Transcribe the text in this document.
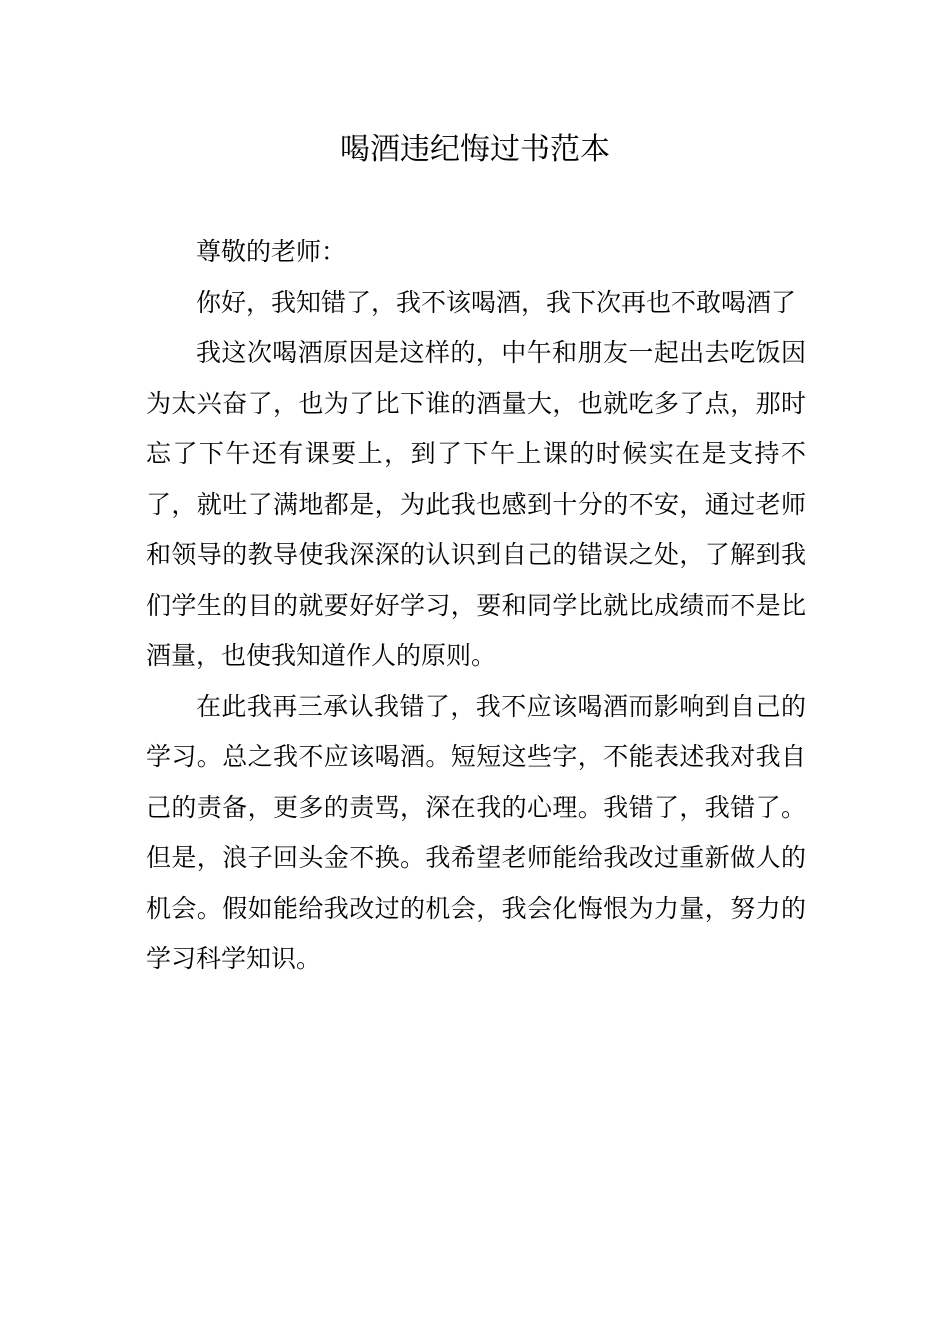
喝酒违纪悔过书范本

尊敬的老师：

你好，我知错了，我不该喝酒，我下次再也不敢喝酒了

我这次喝酒原因是这样的，中午和朋友一起出去吃饭因为太兴奋了，也为了比下谁的酒量大，也就吃多了点，那时忘了下午还有课要上，到了下午上课的时候实在是支持不了，就吐了满地都是，为此我也感到十分的不安，通过老师和领导的教导使我深深的认识到自己的错误之处，了解到我们学生的目的就要好好学习，要和同学比就比成绩而不是比酒量，也使我知道作人的原则。

在此我再三承认我错了，我不应该喝酒而影响到自己的学习。总之我不应该喝酒。短短这些字，不能表述我对我自己的责备，更多的责骂，深在我的心理。我错了，我错了。但是，浪子回头金不换。我希望老师能给我改过重新做人的机会。假如能给我改过的机会，我会化悔恨为力量，努力的学习科学知识。
